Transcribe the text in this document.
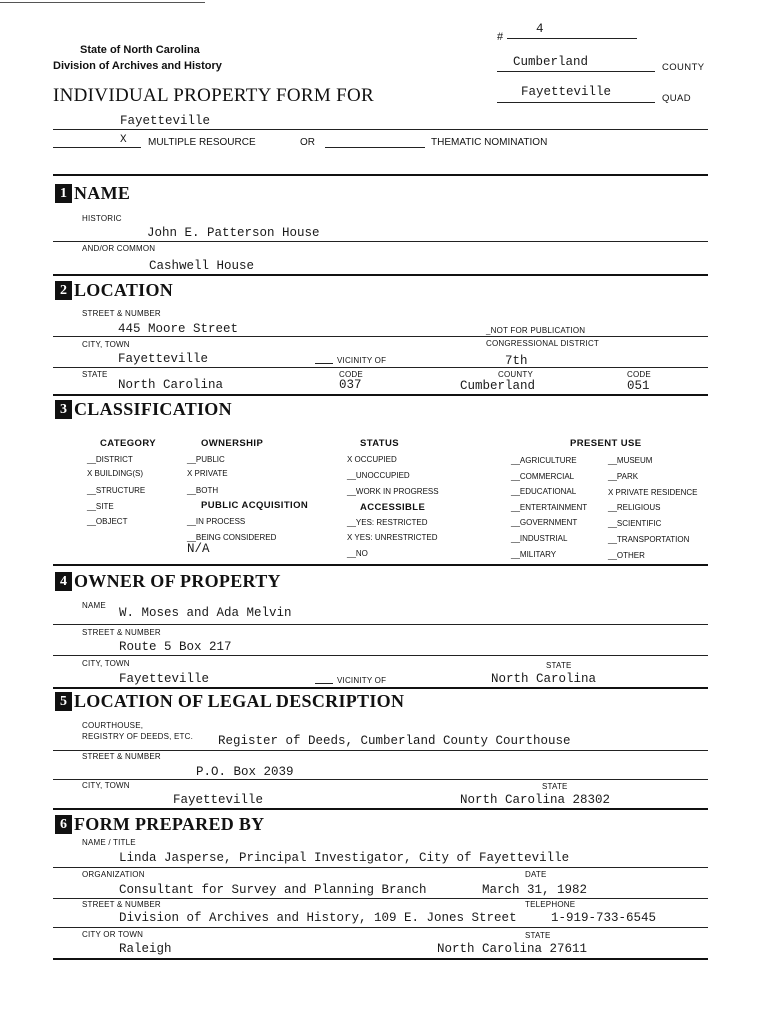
#
4
State of North Carolina
Division of Archives and History	Cumberland	COUNTY
INDIVIDUAL PROPERTY FORM FOR	Fayetteville	QUAD
Fayetteville
X MULTIPLE RESOURCE	OR	THEMATIC NOMINATION
1 NAME
HISTORIC
John E. Patterson House
AND/OR COMMON
Cashwell House
2 LOCATION
STREET & NUMBER
445 Moore Street	_NOT FOR PUBLICATION
CITY, TOWN	CONGRESSIONAL DISTRICT
Fayetteville	VICINITY OF	7th
STATE	CODE	COUNTY	CODE
North Carolina	037	Cumberland	051
3 CLASSIFICATION
CATEGORY
__DISTRICT
X BUILDING(S)
__STRUCTURE
__SITE
__OBJECT
OWNERSHIP
__PUBLIC
X PRIVATE
__BOTH
PUBLIC ACQUISITION
__IN PROCESS
__BEING CONSIDERED
N/A
STATUS
X OCCUPIED
__UNOCCUPIED
__WORK IN PROGRESS
ACCESSIBLE
__YES: RESTRICTED
X YES: UNRESTRICTED
__NO
PRESENT USE
__AGRICULTURE
__COMMERCIAL
__EDUCATIONAL
__ENTERTAINMENT
__GOVERNMENT
__INDUSTRIAL
__MILITARY
__MUSEUM
__PARK
X PRIVATE RESIDENCE
__RELIGIOUS
__SCIENTIFIC
__TRANSPORTATION
__OTHER
4 OWNER OF PROPERTY
NAME
W. Moses and Ada Melvin
STREET & NUMBER
Route 5 Box 217
CITY, TOWN	STATE
Fayetteville	VICINITY OF	North Carolina
5 LOCATION OF LEGAL DESCRIPTION
COURTHOUSE,
REGISTRY OF DEEDS, ETC. Register of Deeds, Cumberland County Courthouse
STREET & NUMBER
P.O. Box 2039
CITY, TOWN	STATE
Fayetteville	North Carolina 28302
6 FORM PREPARED BY
NAME / TITLE
Linda Jasperse, Principal Investigator, City of Fayetteville
ORGANIZATION	DATE
Consultant for Survey and Planning Branch	March 31, 1982
STREET & NUMBER	TELEPHONE
Division of Archives and History, 109 E. Jones Street	1-919-733-6545
CITY OR TOWN	STATE
Raleigh	North Carolina 27611
